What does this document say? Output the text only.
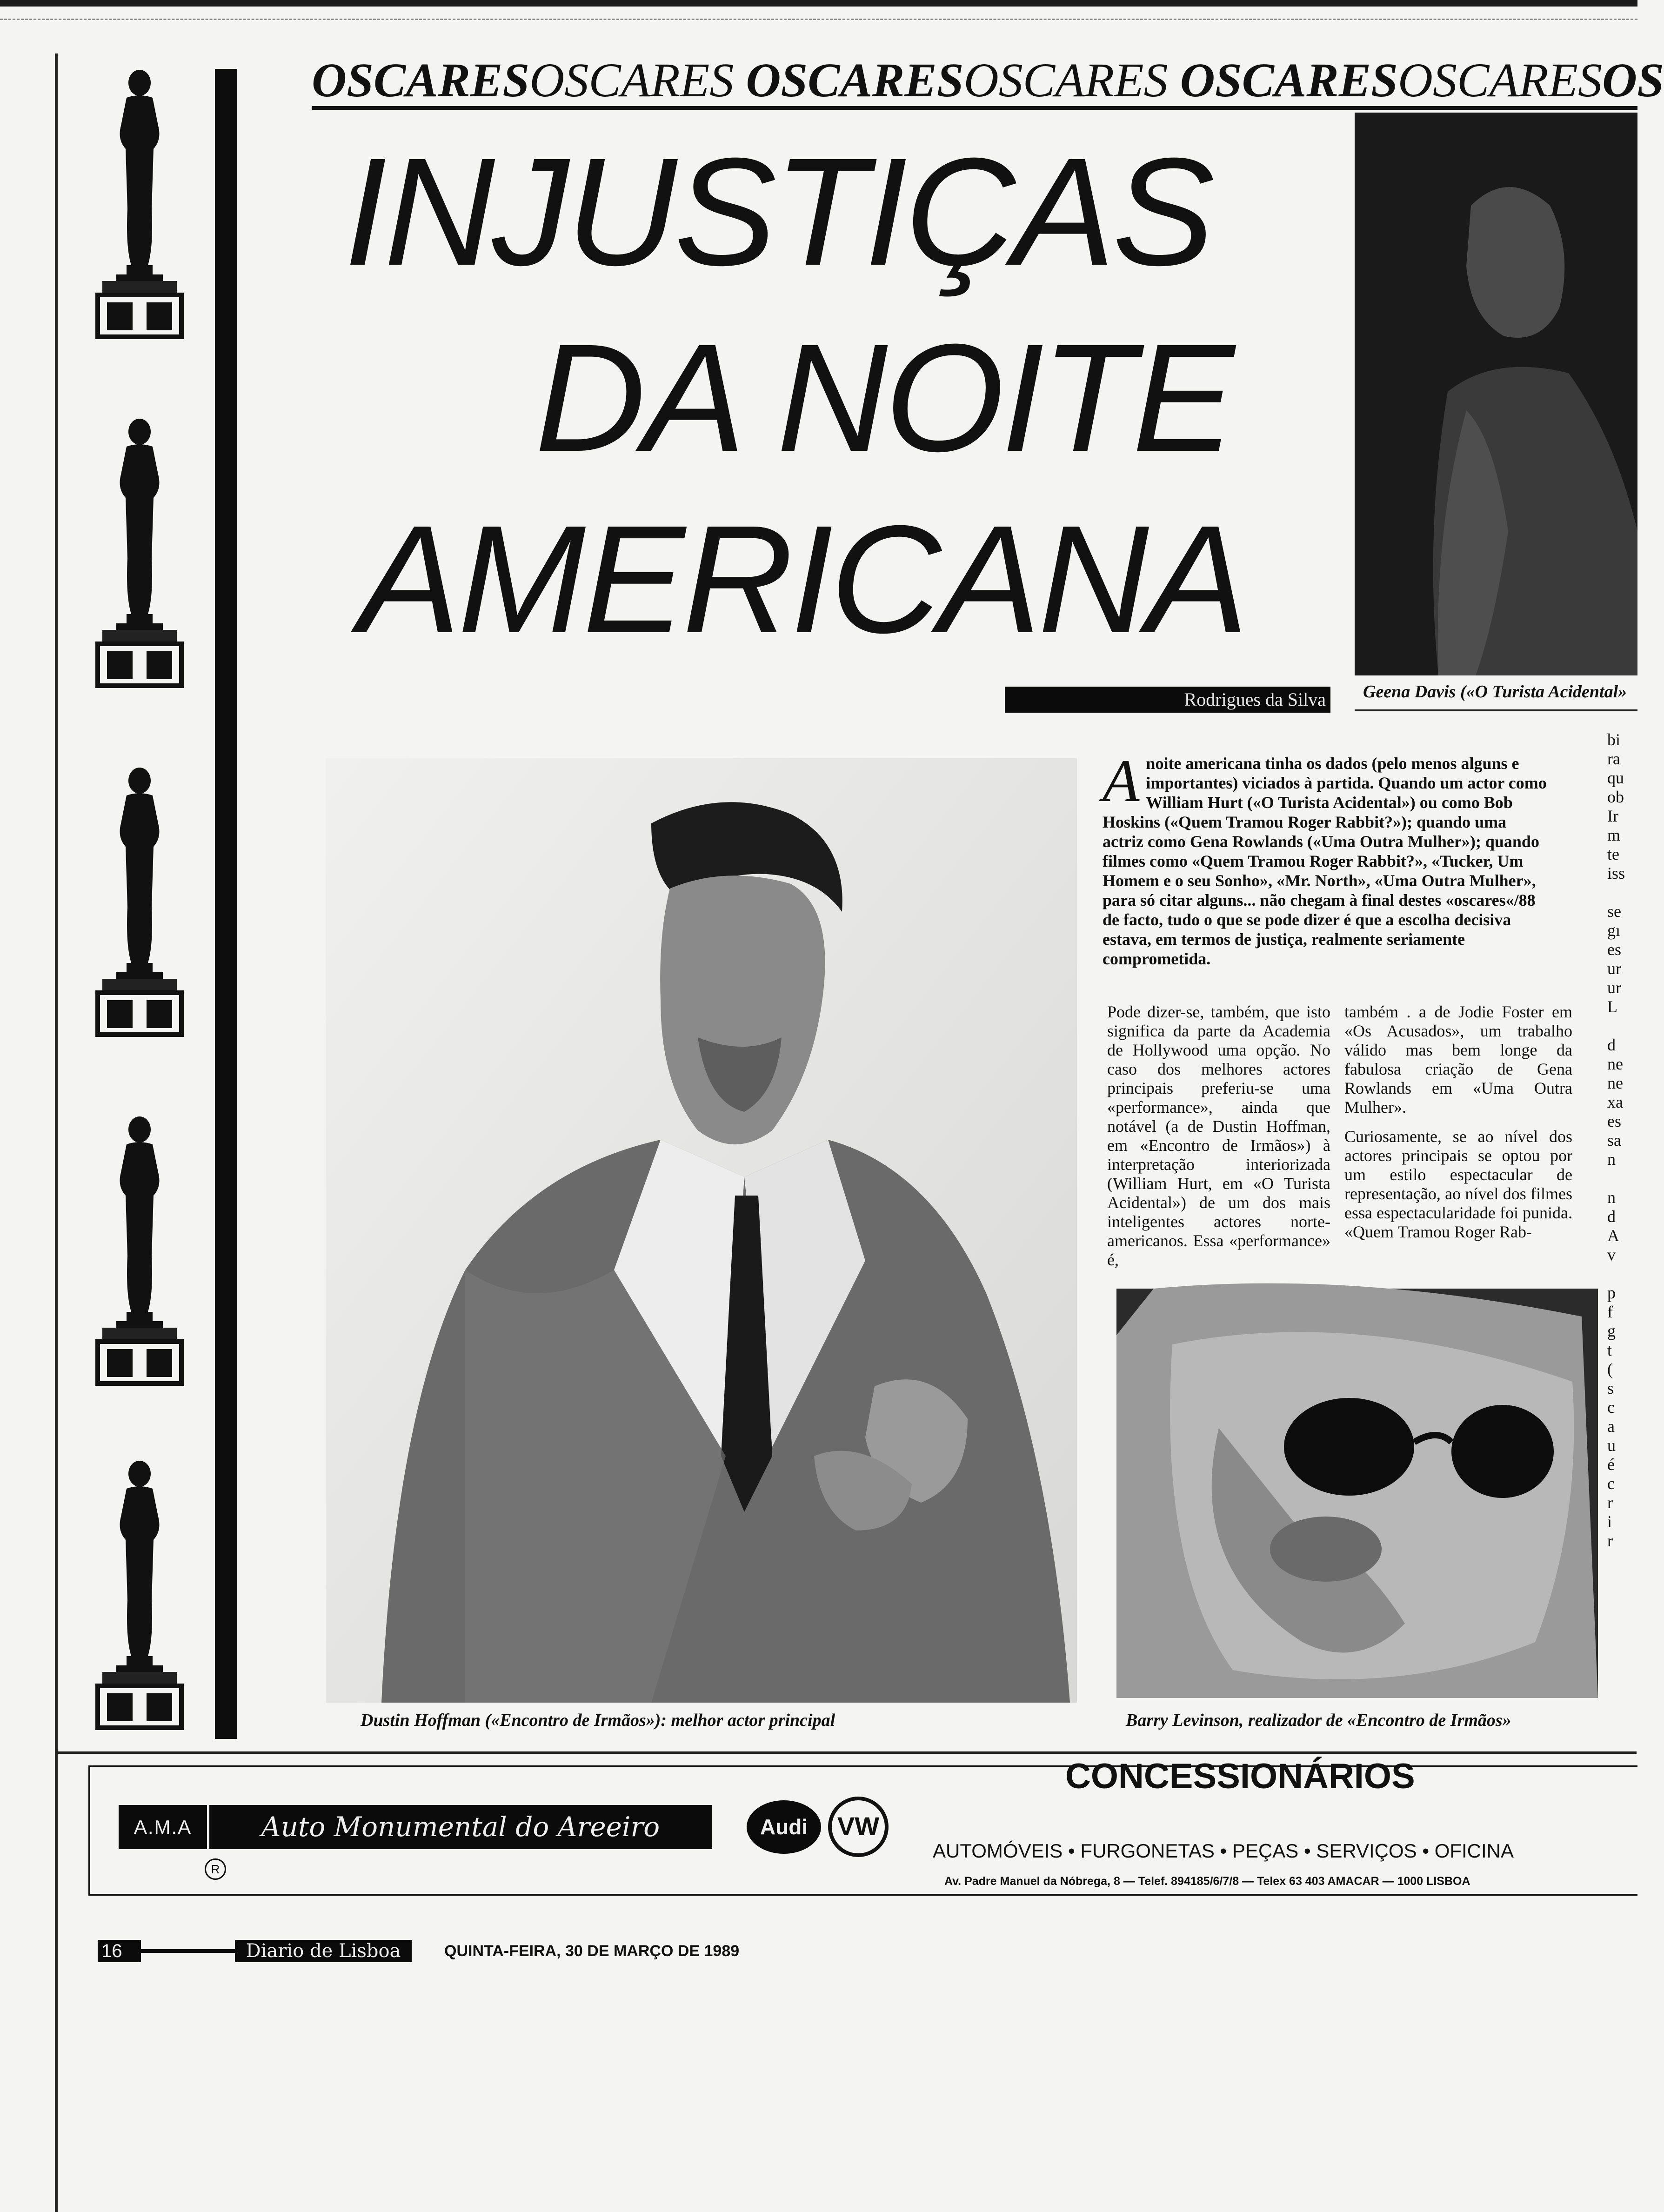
OSCARESOSCARES OSCARESOSCARES OSCARESOSCARESOS
INJUSTIÇAS
DA NOITE
AMERICANA
Rodrigues da Silva Geena Davis («O Turista Acidental»
Dustin Hoffman («Encontro de Irmãos»): melhor actor principal	Barry Levinson, realizador de «Encontro de Irmãos»
Anoite americana tinha os dados (pelo menos alguns e importantes) viciados à partida. Quando um actor como William Hurt («O Turista Acidental») ou como Bob Hoskins («Quem Tramou Roger Rabbit?»); quando uma actriz como Gena Rowlands («Uma Outra Mulher»); quando filmes como «Quem Tramou Roger Rabbit?», «Tucker, Um Homem e o seu Sonho», «Mr. North», «Uma Outra Mulher», para só citar alguns... não chegam à final destes «oscares«/88 de facto, tudo o que se pode dizer é que a escolha decisiva estava, em termos de justiça, realmente seriamente comprometida.

Pode dizer-se, também, que isto significa da parte da Academia de Hollywood uma opção. No caso dos melhores actores principais preferiu-se uma «performance», ainda que notável (a de Dustin Hoffman, em «Encontro de Irmãos») à interpretação interiorizada (William Hurt, em «O Turista Acidental») de um dos mais inteligentes actores norte-americanos. Essa «performance» é,

também . a de Jodie Foster em «Os Acusados», um trabalho válido mas bem longe da fabulosa criação de Gena Rowlands em «Uma Outra Mulher».

Curiosamente, se ao nível dos actores principais se optou por um estilo espectacular de representação, ao nível dos filmes essa espectacularidade foi punida. «Quem Tramou Roger Rab-

bi
ra
qu
ob
Ir
m
te
iss

se
gı
es
ur
ur
L

d
ne
ne
xa
es
sa
n

n
d
A
v

p
f
g
t
(
s
c
a
u
é
c
r
i
r
A.M.A	Auto Monumental do Areeiro
R
Audi	VW
CONCESSIONÁRIOS
AUTOMÓVEIS • FURGONETAS • PEÇAS • SERVIÇOS • OFICINA
Av. Padre Manuel da Nóbrega, 8 — Telef. 894185/6/7/8 — Telex 63 403 AMACAR — 1000 LISBOA
16	Diario de Lisboa	QUINTA-FEIRA, 30 DE MARÇO DE 1989
